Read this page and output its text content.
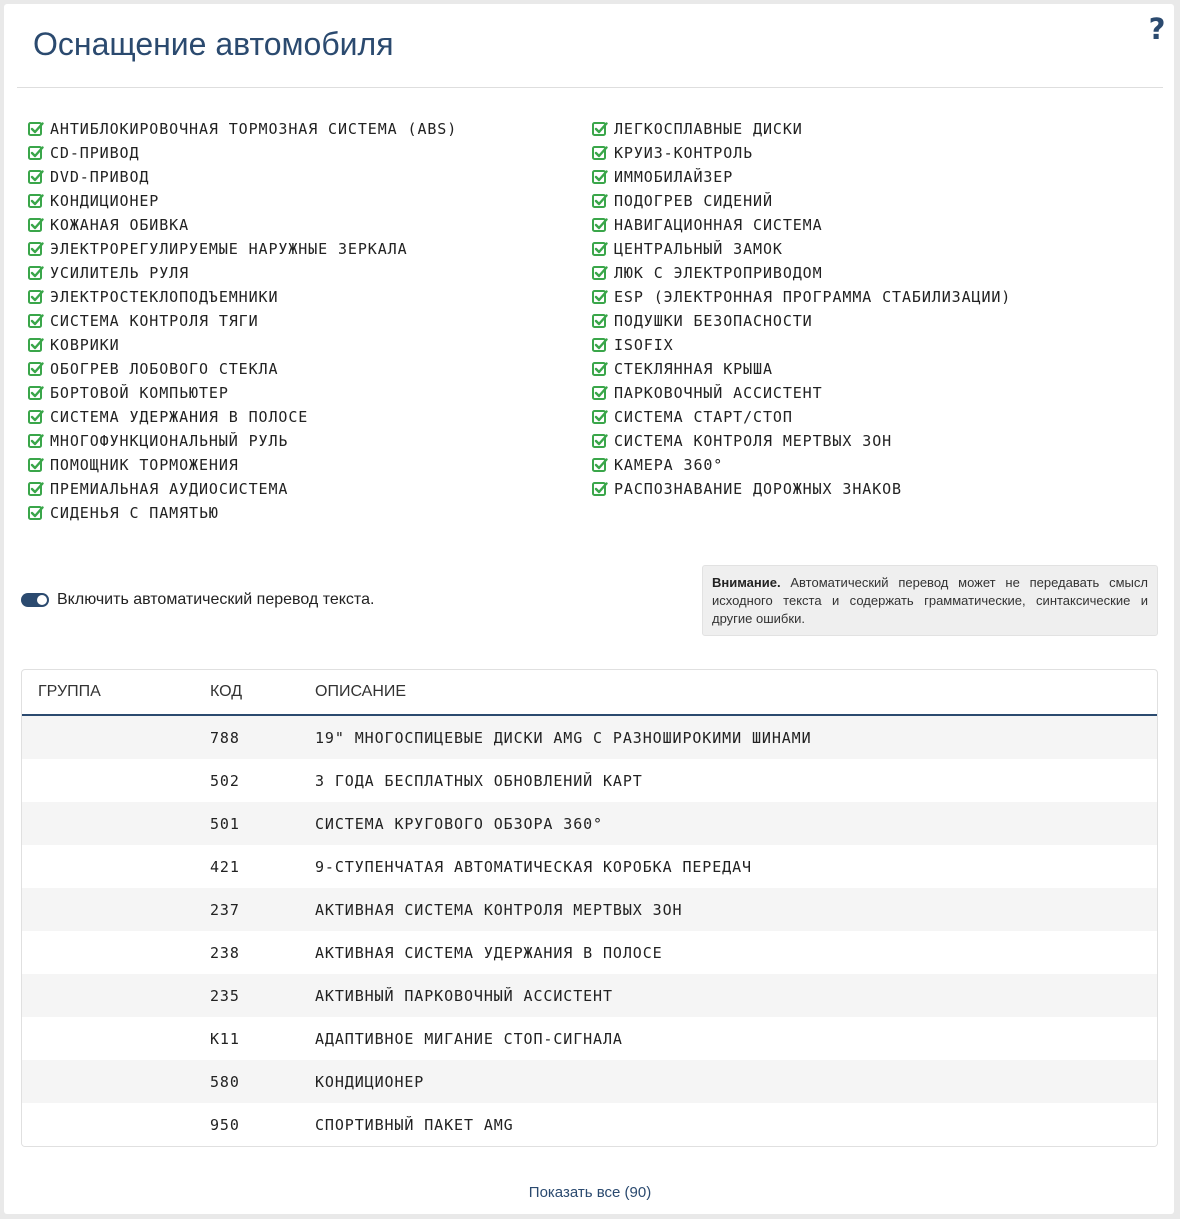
Оснащение автомобиля	?
АНТИБЛОКИРОВОЧНАЯ ТОРМОЗНАЯ СИСТЕМА (ABS)
CD-ПРИВОД
DVD-ПРИВОД
КОНДИЦИОНЕР
КОЖАНАЯ ОБИВКА
ЭЛЕКТРОРЕГУЛИРУЕМЫЕ НАРУЖНЫЕ ЗЕРКАЛА
УСИЛИТЕЛЬ РУЛЯ
ЭЛЕКТРОСТЕКЛОПОДЪЕМНИКИ
СИСТЕМА КОНТРОЛЯ ТЯГИ
КОВРИКИ
ОБОГРЕВ ЛОБОВОГО СТЕКЛА
БОРТОВОЙ КОМПЬЮТЕР
СИСТЕМА УДЕРЖАНИЯ В ПОЛОСЕ
МНОГОФУНКЦИОНАЛЬНЫЙ РУЛЬ
ПОМОЩНИК ТОРМОЖЕНИЯ
ПРЕМИАЛЬНАЯ АУДИОСИСТЕМА
СИДЕНЬЯ С ПАМЯТЬЮ
ЛЕГКОСПЛАВНЫЕ ДИСКИ
КРУИЗ-КОНТРОЛЬ
ИММОБИЛАЙЗЕР
ПОДОГРЕВ СИДЕНИЙ
НАВИГАЦИОННАЯ СИСТЕМА
ЦЕНТРАЛЬНЫЙ ЗАМОК
ЛЮК С ЭЛЕКТРОПРИВОДОМ
ESP (ЭЛЕКТРОННАЯ ПРОГРАММА СТАБИЛИЗАЦИИ)
ПОДУШКИ БЕЗОПАСНОСТИ
ISOFIX
СТЕКЛЯННАЯ КРЫША
ПАРКОВОЧНЫЙ АССИСТЕНТ
СИСТЕМА СТАРТ/СТОП
СИСТЕМА КОНТРОЛЯ МЕРТВЫХ ЗОН
КАМЕРА 360°
РАСПОЗНАВАНИЕ ДОРОЖНЫХ ЗНАКОВ
Включить автоматический перевод текста.
Внимание. Автоматический перевод может не передавать смысл исходного текста и содержать грамматические, синтаксические и другие ошибки.
ГРУППА	КОД	ОПИСАНИЕ
	788	19" МНОГОСПИЦЕВЫЕ ДИСКИ AMG С РАЗНОШИРОКИМИ ШИНАМИ
	502	3 ГОДА БЕСПЛАТНЫХ ОБНОВЛЕНИЙ КАРТ
	501	СИСТЕМА КРУГОВОГО ОБЗОРА 360°
	421	9-СТУПЕНЧАТАЯ АВТОМАТИЧЕСКАЯ КОРОБКА ПЕРЕДАЧ
	237	АКТИВНАЯ СИСТЕМА КОНТРОЛЯ МЕРТВЫХ ЗОН
	238	АКТИВНАЯ СИСТЕМА УДЕРЖАНИЯ В ПОЛОСЕ
	235	АКТИВНЫЙ ПАРКОВОЧНЫЙ АССИСТЕНТ
	K11	АДАПТИВНОЕ МИГАНИЕ СТОП-СИГНАЛА
	580	КОНДИЦИОНЕР
	950	СПОРТИВНЫЙ ПАКЕТ AMG
Показать все (90)
